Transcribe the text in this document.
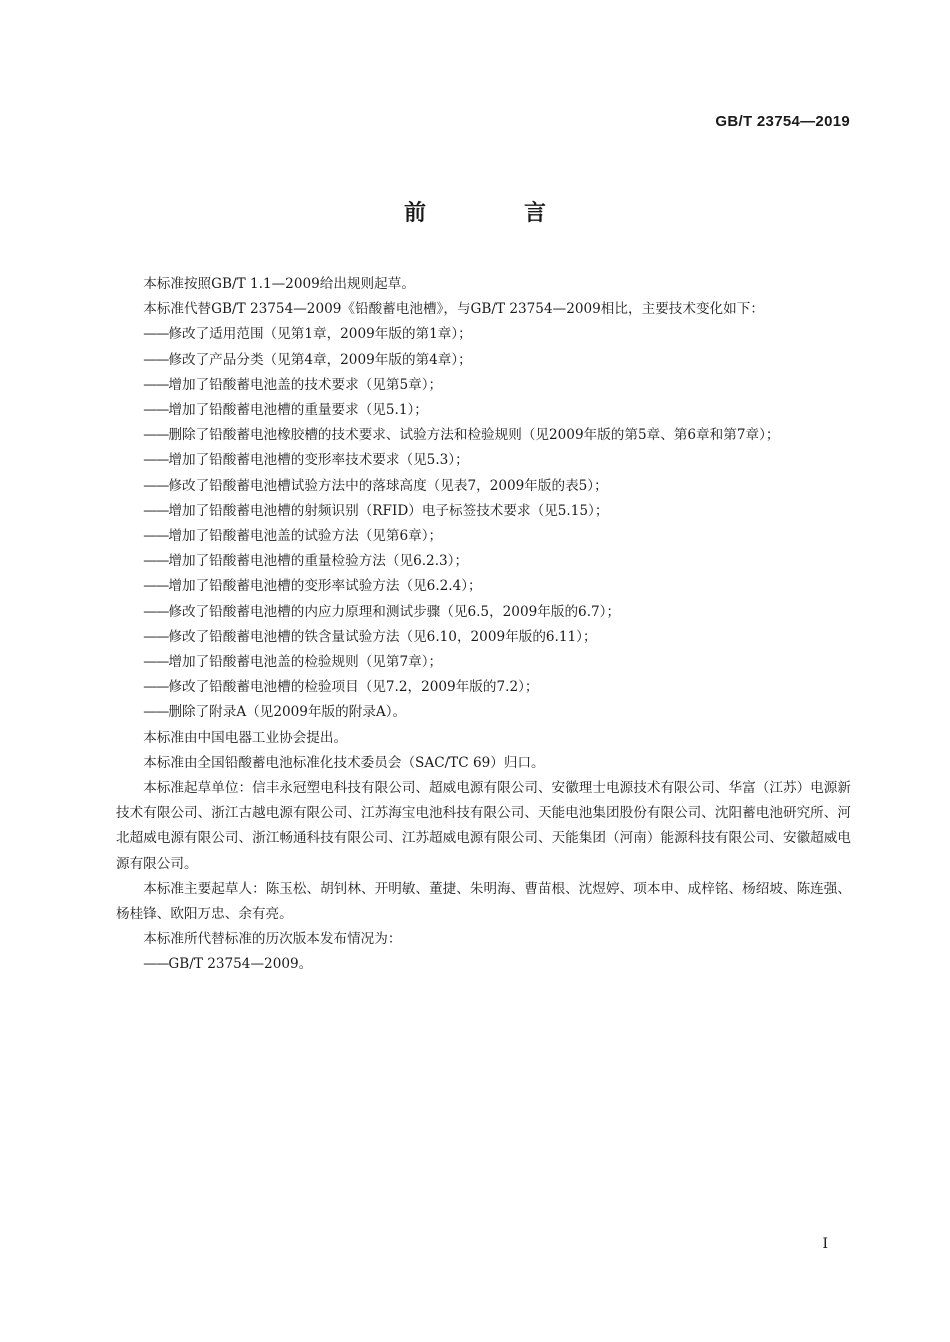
GB/T 23754—2019
前　言

本标准按照GB/T 1.1—2009给出规则起草。

本标准代替GB/T 23754—2009《铅酸蓄电池槽》，与GB/T 23754—2009相比，主要技术变化如下：

——修改了适用范围（见第1章，2009年版的第1章）；

——修改了产品分类（见第4章，2009年版的第4章）；

——增加了铅酸蓄电池盖的技术要求（见第5章）；

——增加了铅酸蓄电池槽的重量要求（见5.1）；

——删除了铅酸蓄电池橡胶槽的技术要求、试验方法和检验规则（见2009年版的第5章、第6章和第7章）；

——增加了铅酸蓄电池槽的变形率技术要求（见5.3）；

——修改了铅酸蓄电池槽试验方法中的落球高度（见表7，2009年版的表5）；

——增加了铅酸蓄电池槽的射频识别（RFID）电子标签技术要求（见5.15）；

——增加了铅酸蓄电池盖的试验方法（见第6章）；

——增加了铅酸蓄电池槽的重量检验方法（见6.2.3）；

——增加了铅酸蓄电池槽的变形率试验方法（见6.2.4）；

——修改了铅酸蓄电池槽的内应力原理和测试步骤（见6.5，2009年版的6.7）；

——修改了铅酸蓄电池槽的铁含量试验方法（见6.10，2009年版的6.11）；

——增加了铅酸蓄电池盖的检验规则（见第7章）；

——修改了铅酸蓄电池槽的检验项目（见7.2，2009年版的7.2）；

——删除了附录A（见2009年版的附录A）。

本标准由中国电器工业协会提出。

本标准由全国铅酸蓄电池标准化技术委员会（SAC/TC 69）归口。

本标准起草单位：信丰永冠塑电科技有限公司、超威电源有限公司、安徽理士电源技术有限公司、华富（江苏）电源新技术有限公司、浙江古越电源有限公司、江苏海宝电池科技有限公司、天能电池集团股份有限公司、沈阳蓄电池研究所、河北超威电源有限公司、浙江畅通科技有限公司、江苏超威电源有限公司、天能集团（河南）能源科技有限公司、安徽超威电源有限公司。

本标准主要起草人：陈玉松、胡钊林、开明敏、董捷、朱明海、曹苗根、沈煜婷、项本申、成梓铭、杨绍坡、陈连强、杨桂锋、欧阳万忠、余有亮。

本标准所代替标准的历次版本发布情况为：

——GB/T 23754—2009。

I
